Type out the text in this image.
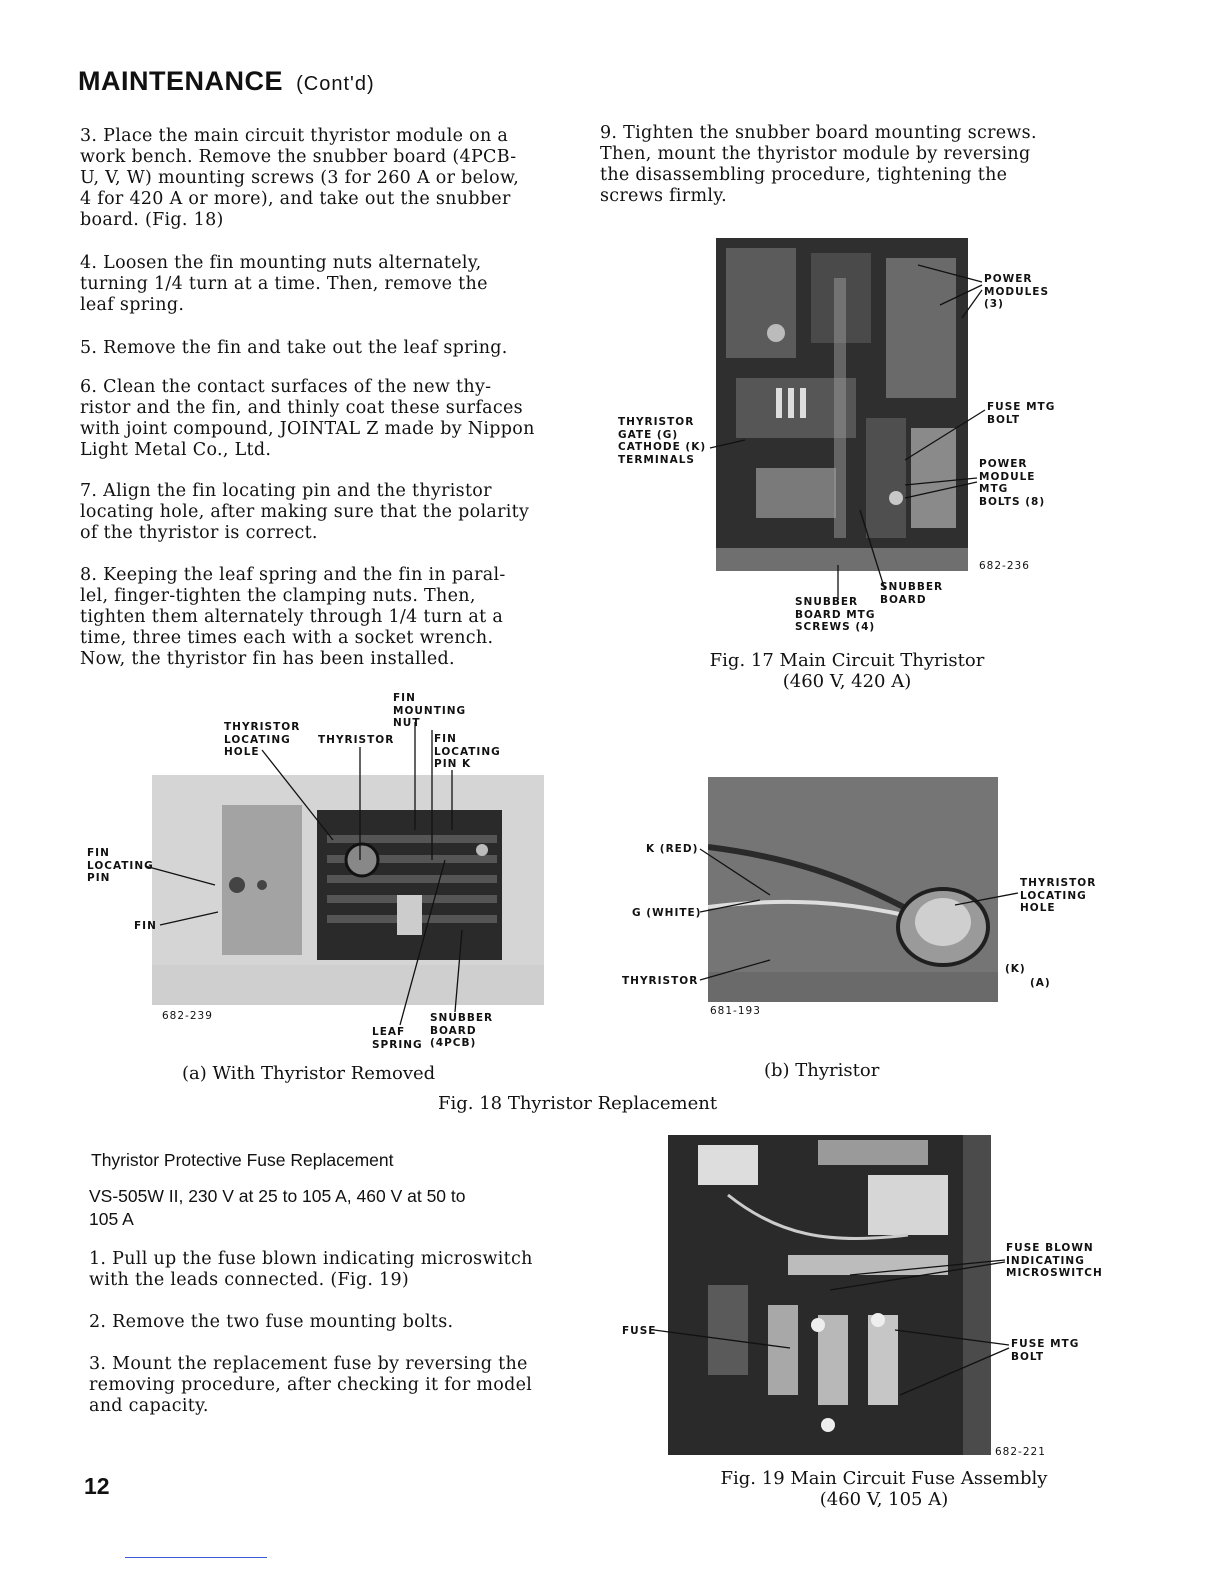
MAINTENANCE (Cont'd)

3. Place the main circuit thyristor module on a
work bench. Remove the snubber board (4PCB-
U, V, W) mounting screws (3 for 260 A or below,
4 for 420 A or more), and take out the snubber
board. (Fig. 18)

4. Loosen the fin mounting nuts alternately,
turning 1/4 turn at a time. Then, remove the
leaf spring.

5. Remove the fin and take out the leaf spring.

6. Clean the contact surfaces of the new thy-
ristor and the fin, and thinly coat these surfaces
with joint compound, JOINTAL Z made by Nippon
Light Metal Co., Ltd.

7. Align the fin locating pin and the thyristor
locating hole, after making sure that the polarity
of the thyristor is correct.

8. Keeping the leaf spring and the fin in paral-
lel, finger-tighten the clamping nuts. Then,
tighten them alternately through 1/4 turn at a
time, three times each with a socket wrench.
Now, the thyristor fin has been installed.

9. Tighten the snubber board mounting screws.
Then, mount the thyristor module by reversing
the disassembling procedure, tightening the
screws firmly.

POWER
MODULES
(3)
FUSE MTG
BOLT
THYRISTOR
GATE (G)
CATHODE (K)
TERMINALS	POWER
MODULE
MTG
BOLTS (8)
682-236
SNUBBER
BOARD
SNUBBER
BOARD MTG
SCREWS (4)
Fig. 17 Main Circuit Thyristor
(460 V, 420 A)
FIN
MOUNTING
NUT
THYRISTOR
LOCATING
HOLE
THYRISTOR	FIN
LOCATING
PIN K
FIN
LOCATING
PIN
FIN
682-239	SNUBBER
BOARD
(4PCB)
LEAF
SPRING
(a) With Thyristor Removed
K (RED)
G (WHITE)
THYRISTOR
THYRISTOR
LOCATING
HOLE
(K)
(A)
681-193
(b) Thyristor
Fig. 18 Thyristor Replacement
Thyristor Protective Fuse Replacement
VS-505W II, 230 V at 25 to 105 A, 460 V at 50 to
105 A

1. Pull up the fuse blown indicating microswitch
with the leads connected. (Fig. 19)

2. Remove the two fuse mounting bolts.

3. Mount the replacement fuse by reversing the
removing procedure, after checking it for model
and capacity.

FUSE BLOWN
INDICATING
MICROSWITCH
FUSE
FUSE MTG
BOLT
682-221
Fig. 19 Main Circuit Fuse Assembly
(460 V, 105 A)
12
